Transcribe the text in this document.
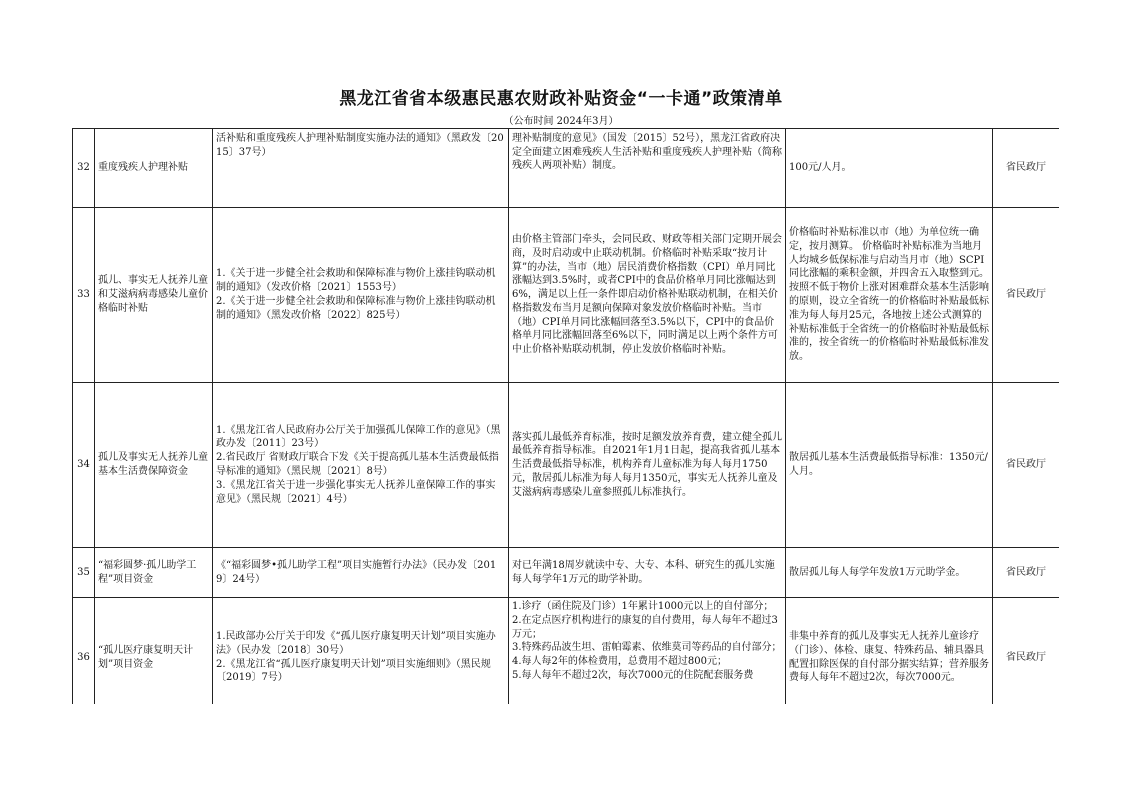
黑龙江省省本级惠民惠农财政补贴资金“一卡通”政策清单
（公布时间 2024年3月）
32	重度残疾人护理补贴	活补贴和重度残疾人护理补贴制度实施办法的通知》（黑政发〔2015〕37号）	理补贴制度的意见》（国发〔2015〕52号），黑龙江省政府决定全面建立困难残疾人生活补贴和重度残疾人护理补贴（简称残疾人两项补贴）制度。	100元/人月。	省民政厅
33	孤儿、事实无人抚养儿童和艾滋病病毒感染儿童价格临时补贴	1.《关于进一步健全社会救助和保障标准与物价上涨挂钩联动机制的通知》（发改价格〔2021〕1553号）
2.《关于进一步健全社会救助和保障标准与物价上涨挂钩联动机制的通知》（黑发改价格〔2022〕825号）	由价格主管部门牵头，会同民政、财政等相关部门定期开展会商，及时启动或中止联动机制。价格临时补贴采取“按月计算”的办法，当市（地）居民消费价格指数（CPI）单月同比涨幅达到3.5%时，或者CPI中的食品价格单月同比涨幅达到6%，满足以上任一条件即启动价格补贴联动机制，在相关价格指数发布当月足额向保障对象发放价格临时补贴。当市（地）CPI单月同比涨幅回落至3.5%以下，CPI中的食品价格单月同比涨幅回落至6%以下，同时满足以上两个条件方可中止价格补贴联动机制，停止发放价格临时补贴。	价格临时补贴标准以市（地）为单位统一确定，按月测算。 价格临时补贴标准为当地月人均城乡低保标准与启动当月市（地）SCPI同比涨幅的乘积金额，并四舍五入取整到元。按照不低于物价上涨对困难群众基本生活影响的原则，设立全省统一的价格临时补贴最低标准为每人每月25元，各地按上述公式测算的补贴标准低于全省统一的价格临时补贴最低标准的，按全省统一的价格临时补贴最低标准发放。	省民政厅
34	孤儿及事实无人抚养儿童基本生活费保障资金	1.《黑龙江省人民政府办公厅关于加强孤儿保障工作的意见》（黑政办发〔2011〕23号）
2.省民政厅 省财政厅联合下发《关于提高孤儿基本生活费最低指导标准的通知》（黑民规〔2021〕8号）
3.《黑龙江省关于进一步强化事实无人抚养儿童保障工作的事实意见》（黑民规〔2021〕4号）	落实孤儿最低养育标准，按时足额发放养育费，建立健全孤儿最低养育指导标准。自2021年1月1日起，提高我省孤儿基本生活费最低指导标准，机构养育儿童标准为每人每月1750元，散居孤儿标准为每人每月1350元，事实无人抚养儿童及艾滋病病毒感染儿童参照孤儿标准执行。	散居孤儿基本生活费最低指导标准：1350元/人月。	省民政厅
35	“福彩圆梦·孤儿助学工程”项目资金	《“福彩圆梦•孤儿助学工程”项目实施暂行办法》（民办发〔2019〕24号）	对已年满18周岁就读中专、大专、本科、研究生的孤儿实施每人每学年1万元的助学补助。	散居孤儿每人每学年发放1万元助学金。	省民政厅
36	“孤儿医疗康复明天计划”项目资金	1.民政部办公厅关于印发《“孤儿医疗康复明天计划”项目实施办法》（民办发〔2018〕30号）
2.《黑龙江省“孤儿医疗康复明天计划”项目实施细则》（黑民规〔2019〕7号）	1.诊疗（函住院及门诊）1年累计1000元以上的自付部分；
2.在定点医疗机构进行的康复的自付费用，每人每年不超过3万元；
3.特殊药品波生坦、雷帕霉素、依维莫司等药品的自付部分；
4.每人每2年的体检费用，总费用不超过800元；
5.每人每年不超过2次，每次7000元的住院配套服务费	非集中养育的孤儿及事实无人抚养儿童诊疗（门诊）、体检、康复、特殊药品、辅具器具配置扣除医保的自付部分据实结算；营养服务费每人每年不超过2次，每次7000元。	省民政厅
